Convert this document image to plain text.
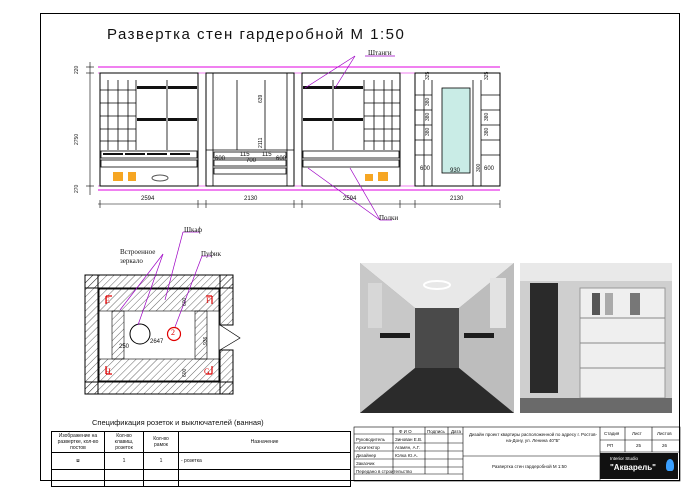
Развертка стен гардеробной М 1:50
Штанги
Полки
220
2750
270
2594	2130	2594	2130
600
115
700
115
600
639
2111
325	325
380
380
380
380
380
600	930	600
300
Шкаф
Встроенное зеркало
Пуфик
600
250
2647	936
600
E	F
H	G
2
Спецификация розеток и выключателей (ванная)
Изображение на развертке, кол-во постов	Кол-во клавиш, розеток	Кол-во рамок	Назначение
⧆	1	1	- розетка

Ф И О	Подпись Дата
Руководитель Зинован Е.В.
Архитектор	Агамян, А.Г.
Дизайнер	Юлка Ю.А.
Заказчик
Передано в строительство
Дизайн проект квартиры расположенной по адресу г. Ростов-на-Дону, ул. Ленина 40"Б"
Развертка стен гардеробной М 1:50
Стадия	Лист	Листов
РП	25	26
Interior Studio
"Акварель"
